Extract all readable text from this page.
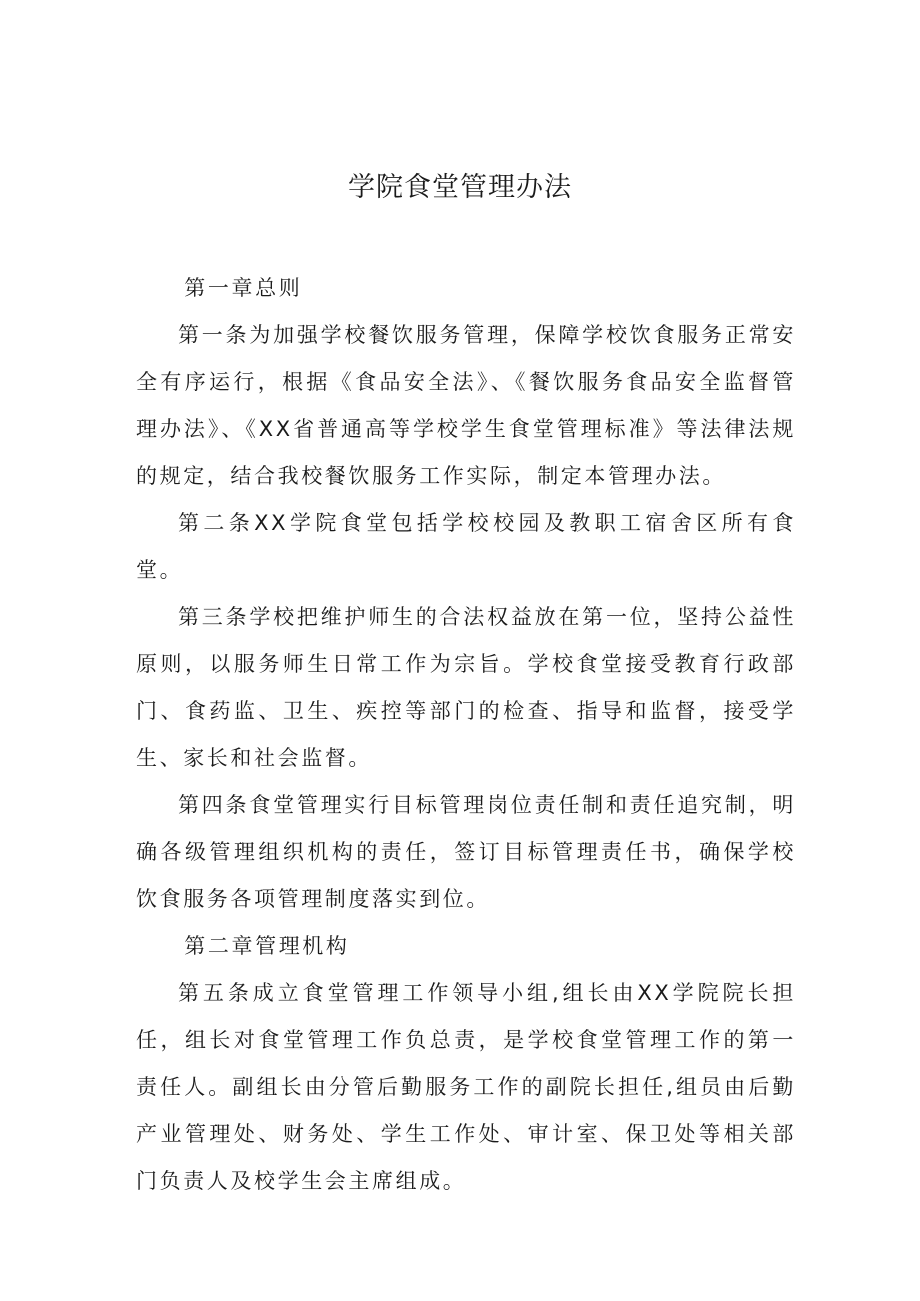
学院食堂管理办法

第一章总则

第一条为加强学校餐饮服务管理，保障学校饮食服务正常安全有序运行，根据《食品安全法》、《餐饮服务食品安全监督管理办法》、《XX省普通高等学校学生食堂管理标准》等法律法规的规定，结合我校餐饮服务工作实际，制定本管理办法。

第二条XX学院食堂包括学校校园及教职工宿舍区所有食堂。

第三条学校把维护师生的合法权益放在第一位，坚持公益性原则，以服务师生日常工作为宗旨。学校食堂接受教育行政部门、食药监、卫生、疾控等部门的检查、指导和监督，接受学生、家长和社会监督。

第四条食堂管理实行目标管理岗位责任制和责任追究制，明确各级管理组织机构的责任，签订目标管理责任书，确保学校饮食服务各项管理制度落实到位。

第二章管理机构

第五条成立食堂管理工作领导小组,组长由XX学院院长担任，组长对食堂管理工作负总责，是学校食堂管理工作的第一责任人。副组长由分管后勤服务工作的副院长担任,组员由后勤产业管理处、财务处、学生工作处、审计室、保卫处等相关部门负责人及校学生会主席组成。
